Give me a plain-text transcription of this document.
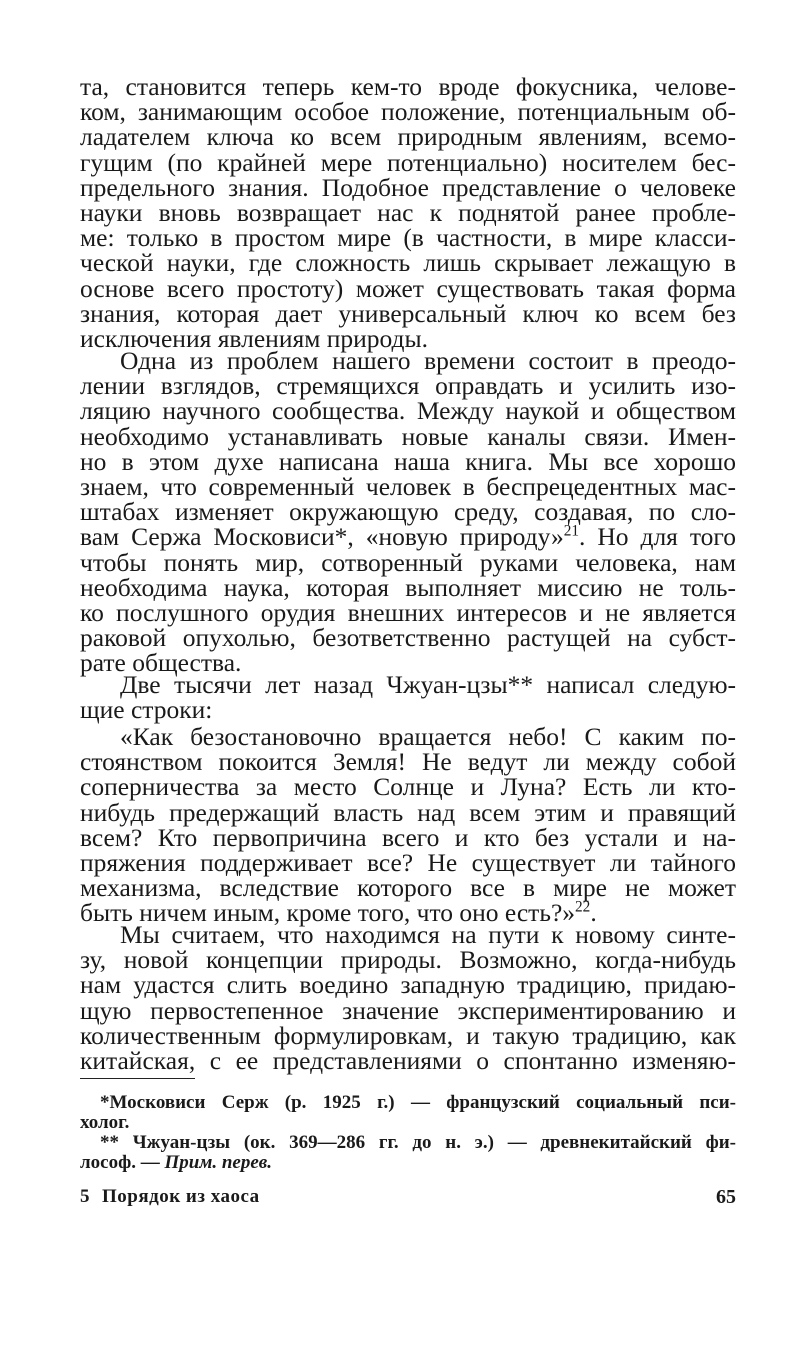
та, становится теперь кем-то вроде фокусника, челове-
ком, занимающим особое положение, потенциальным об-
ладателем ключа ко всем природным явлениям, всемо-
гущим (по крайней мере потенциально) носителем бес-
предельного знания. Подобное представление о человеке
науки вновь возвращает нас к поднятой ранее пробле-
ме: только в простом мире (в частности, в мире класси-
ческой науки, где сложность лишь скрывает лежащую в
основе всего простоту) может существовать такая форма
знания, которая дает универсальный ключ ко всем без
исключения явлениям природы.
Одна из проблем нашего времени состоит в преодо-
лении взглядов, стремящихся оправдать и усилить изо-
ляцию научного сообщества. Между наукой и обществом
необходимо устанавливать новые каналы связи. Имен-
но в этом духе написана наша книга. Мы все хорошо
знаем, что современный человек в беспрецедентных мас-
штабах изменяет окружающую среду, создавая, по сло-
вам Сержа Московиси*, «новую природу»$^{21}$. Но для того
чтобы понять мир, сотворенный руками человека, нам
необходима наука, которая выполняет миссию не толь-
ко послушного орудия внешних интересов и не является
раковой опухолью, безответственно растущей на субст-
рате общества.
Две тысячи лет назад Чжуан-цзы** написал следую-
щие строки:
«Как безостановочно вращается небо! С каким по-
стоянством покоится Земля! Не ведут ли между собой
соперничества за место Солнце и Луна? Есть ли кто-
нибудь предержащий власть над всем этим и правящий
всем? Кто первопричина всего и кто без устали и на-
пряжения поддерживает все? Не существует ли тайного
механизма, вследствие которого все в мире не может
быть ничем иным, кроме того, что оно есть?»$^{22}$.
Мы считаем, что находимся на пути к новому синте-
зу, новой концепции природы. Возможно, когда-нибудь
нам удастся слить воедино западную традицию, придаю-
щую первостепенное значение экспериментированию и
количественным формулировкам, и такую традицию, как
китайская, с ее представлениями о спонтанно изменяю-
*Московиси Серж (р. 1925 г.) — французский социальный пси-
холог.
** Чжуан-цзы (ок. 369—286 гг. до н. э.) — древнекитайский фи-
лософ. — Прим. перев.
5 Порядок из хаоса	65
